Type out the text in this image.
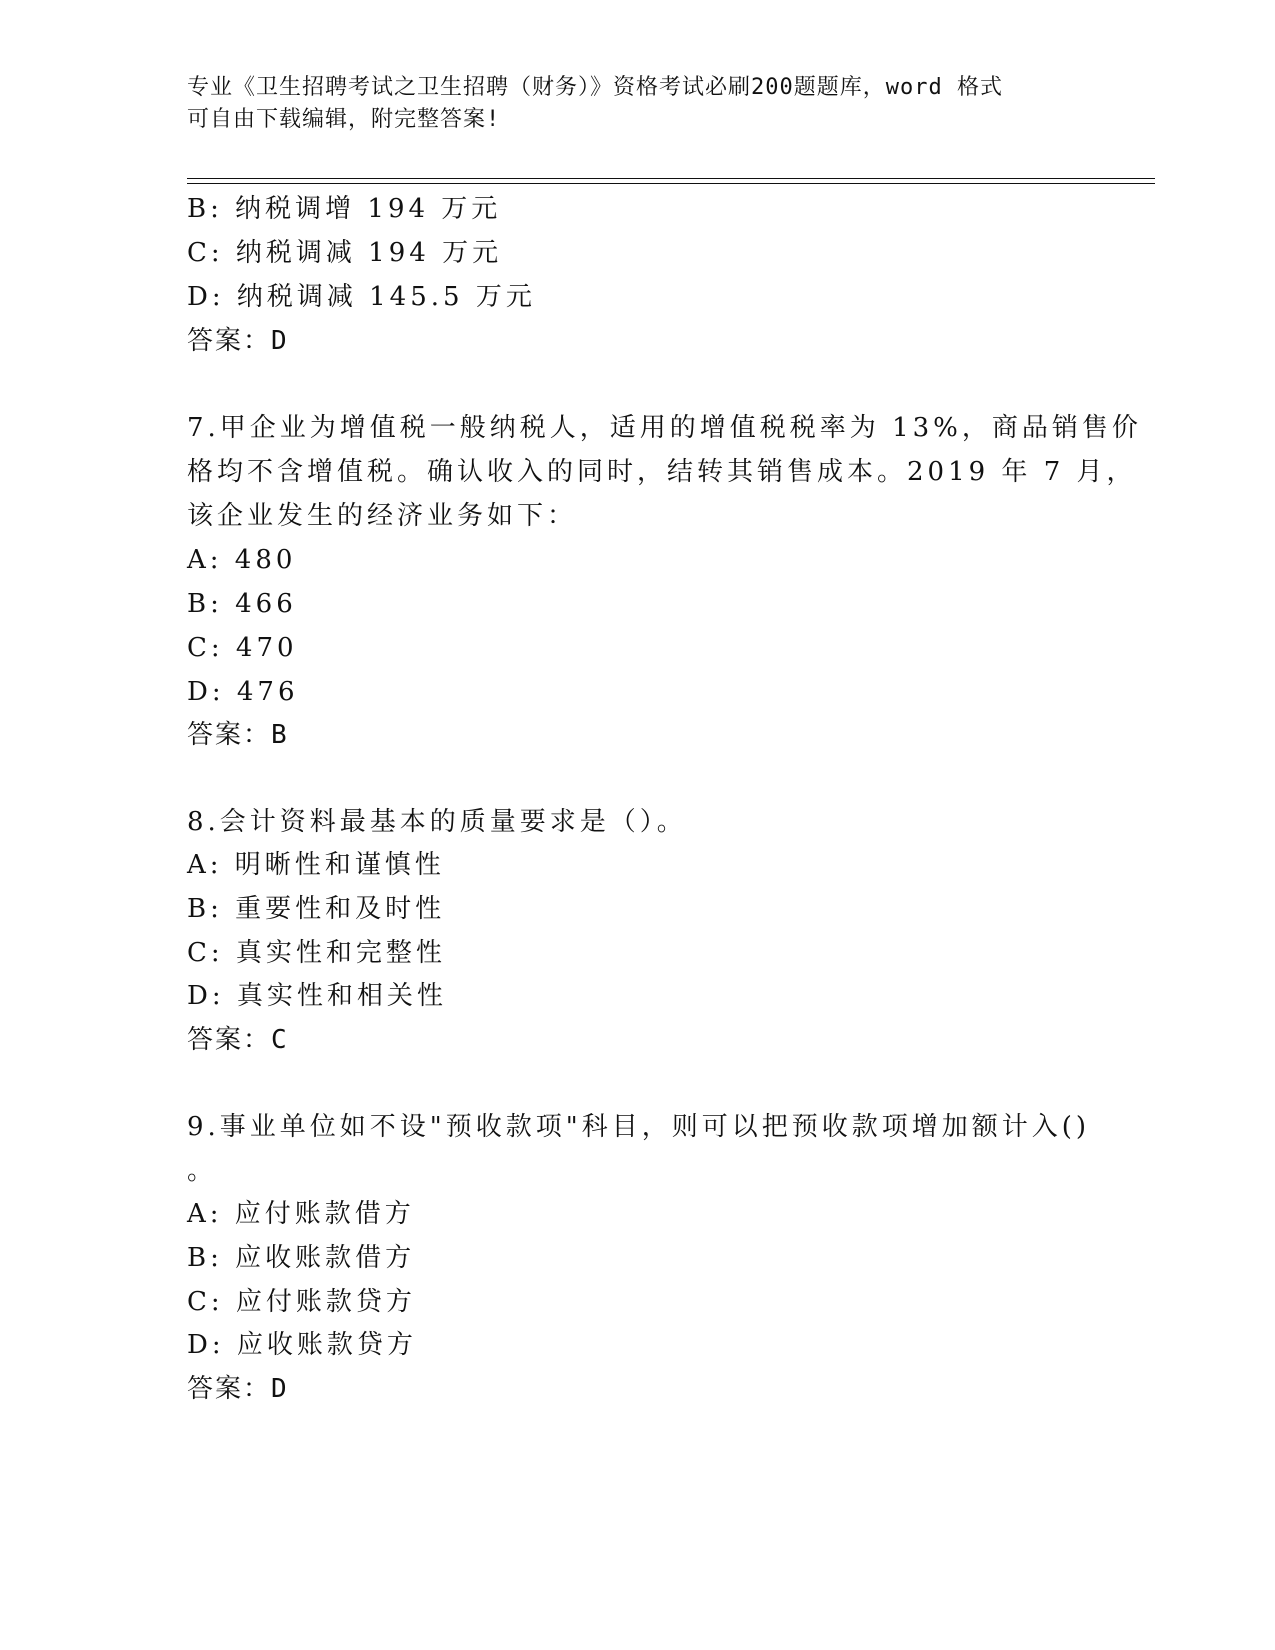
专业《卫生招聘考试之卫生招聘（财务）》资格考试必刷200题题库，word 格式
可自由下载编辑，附完整答案!
B: 纳税调增 194 万元
C: 纳税调减 194 万元
D: 纳税调减 145.5 万元
答案：D
7.甲企业为增值税一般纳税人，适用的增值税税率为 13%，商品销售价
格均不含增值税。确认收入的同时，结转其销售成本。2019 年 7 月，
该企业发生的经济业务如下：
A: 480
B: 466
C: 470
D: 476
答案：B
8.会计资料最基本的质量要求是（）。
A: 明晰性和谨慎性
B: 重要性和及时性
C: 真实性和完整性
D: 真实性和相关性
答案：C
9.事业单位如不设"预收款项"科目，则可以把预收款项增加额计入()
。
A: 应付账款借方
B: 应收账款借方
C: 应付账款贷方
D: 应收账款贷方
答案：D
